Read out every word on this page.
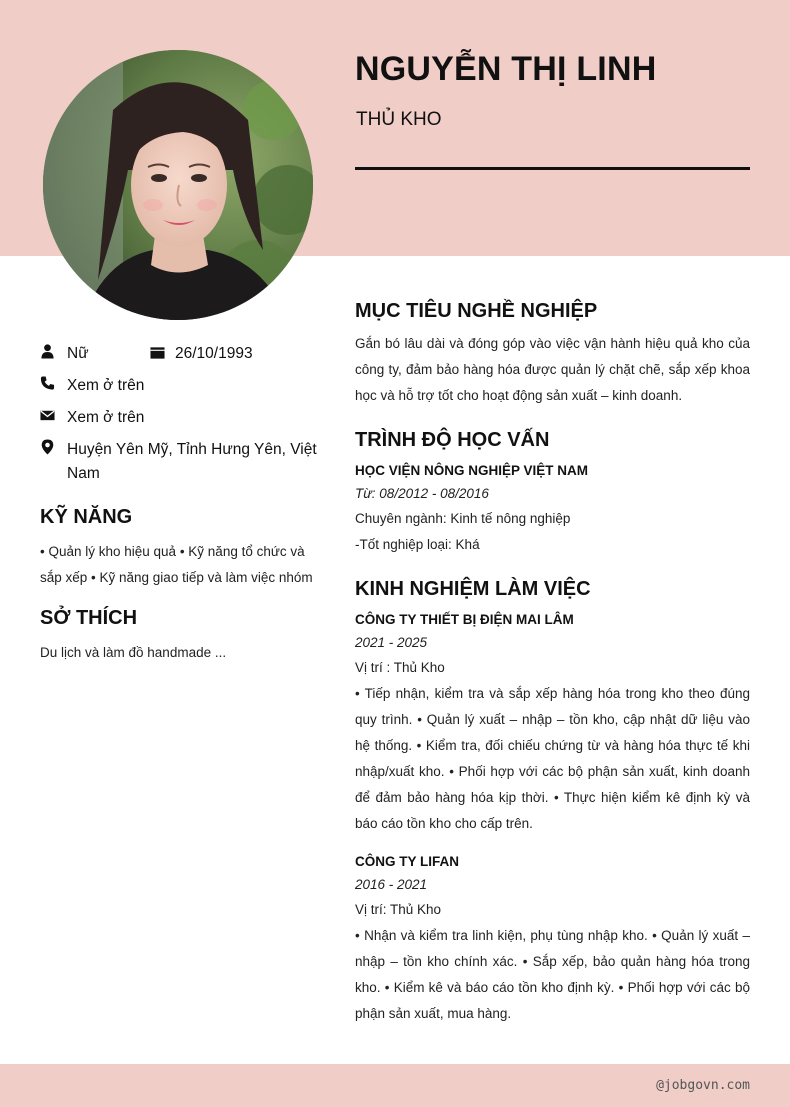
NGUYỄN THỊ LINH
THỦ KHO
Nữ	26/10/1993
Xem ở trên
Xem ở trên
Huyện Yên Mỹ, Tỉnh Hưng Yên, Việt Nam
KỸ NĂNG
• Quản lý kho hiệu quả • Kỹ năng tổ chức và sắp xếp • Kỹ năng giao tiếp và làm việc nhóm
SỞ THÍCH
Du lịch và làm đồ handmade ...
MỤC TIÊU NGHỀ NGHIỆP
Gắn bó lâu dài và đóng góp vào việc vận hành hiệu quả kho của công ty, đảm bảo hàng hóa được quản lý chặt chẽ, sắp xếp khoa học và hỗ trợ tốt cho hoạt động sản xuất – kinh doanh.
TRÌNH ĐỘ HỌC VẤN
HỌC VIỆN NÔNG NGHIỆP VIỆT NAM
Từ: 08/2012 - 08/2016
Chuyên ngành: Kinh tế nông nghiệp
-Tốt nghiệp loại: Khá
KINH NGHIỆM LÀM VIỆC
CÔNG TY THIẾT BỊ ĐIỆN MAI LÂM
2021 - 2025
Vị trí : Thủ Kho
• Tiếp nhận, kiểm tra và sắp xếp hàng hóa trong kho theo đúng quy trình. • Quản lý xuất – nhập – tồn kho, cập nhật dữ liệu vào hệ thống. • Kiểm tra, đối chiếu chứng từ và hàng hóa thực tế khi nhập/xuất kho. • Phối hợp với các bộ phận sản xuất, kinh doanh để đảm bảo hàng hóa kịp thời. • Thực hiện kiểm kê định kỳ và báo cáo tồn kho cho cấp trên.
CÔNG TY LIFAN
2016 - 2021
Vị trí: Thủ Kho
• Nhận và kiểm tra linh kiện, phụ tùng nhập kho. • Quản lý xuất – nhập – tồn kho chính xác. • Sắp xếp, bảo quản hàng hóa trong kho. • Kiểm kê và báo cáo tồn kho định kỳ. • Phối hợp với các bộ phận sản xuất, mua hàng.
@jobgovn.com
